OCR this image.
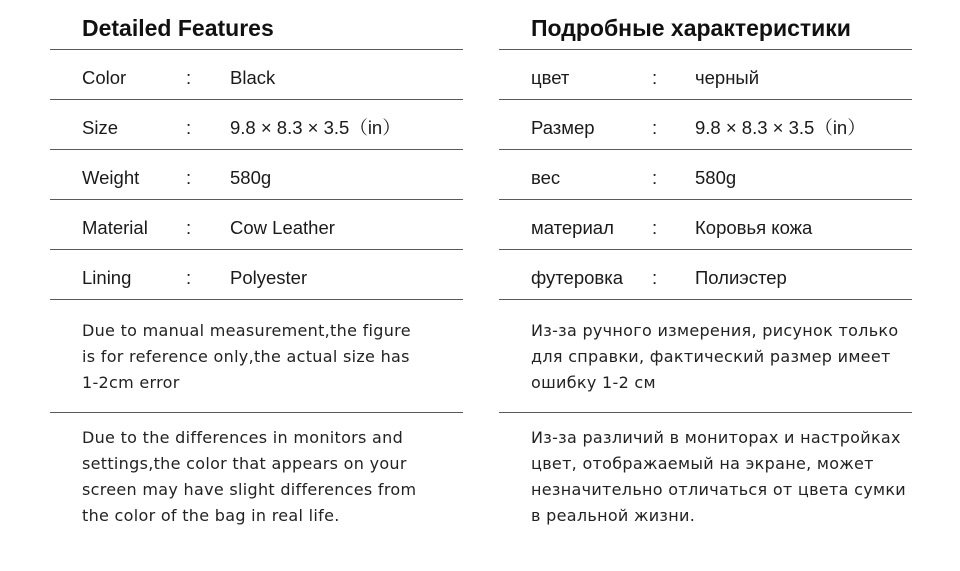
Detailed Features
Color	: Black
Size	: 9.8 × 8.3 × 3.5（in）
Weight	: 580g
Material : Cow Leather
Lining	: Polyester

Due to manual measurement,the figure

is for reference only,the actual size has

1-2cm error

Due to the differences in monitors and

settings,the color that appears on your

screen may have slight differences from

the color of the bag in real life.

Подробные характеристики
цвет	: черный
Размер	: 9.8 × 8.3 × 3.5（in）
вес	: 580g
материал : Коровья кожа
футеровка : Полиэстер

Из-за ручного измерения, рисунок только

для справки, фактический размер имеет

ошибку 1-2 см

Из-за различий в мониторах и настройках

цвет, отображаемый на экране, может

незначительно отличаться от цвета сумки

в реальной жизни.
